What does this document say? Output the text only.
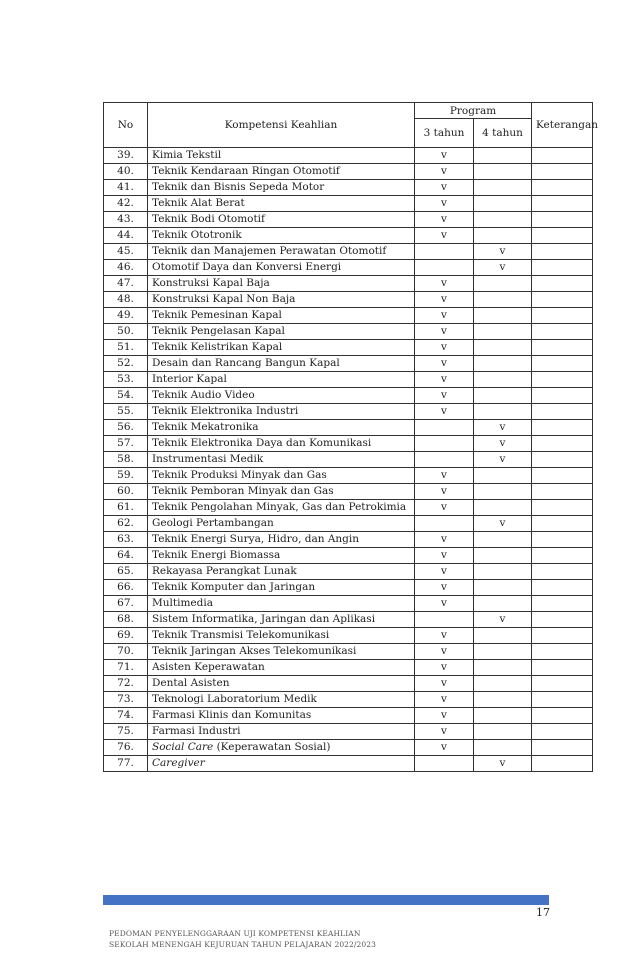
No	Kompetensi Keahlian	Program		Keterangan
		3 tahun	4 tahun	
39.	Kimia Tekstil	v		
40.	Teknik Kendaraan Ringan Otomotif	v		
41.	Teknik dan Bisnis Sepeda Motor	v		
42.	Teknik Alat Berat	v		
43.	Teknik Bodi Otomotif	v		
44.	Teknik Ototronik	v		
45.	Teknik dan Manajemen Perawatan Otomotif		v	
46.	Otomotif Daya dan Konversi Energi		v	
47.	Konstruksi Kapal Baja	v		
48.	Konstruksi Kapal Non Baja	v		
49.	Teknik Pemesinan Kapal	v		
50.	Teknik Pengelasan Kapal	v		
51.	Teknik Kelistrikan Kapal	v		
52.	Desain dan Rancang Bangun Kapal	v		
53.	Interior Kapal	v		
54.	Teknik Audio Video	v		
55.	Teknik Elektronika Industri	v		
56.	Teknik Mekatronika		v	
57.	Teknik Elektronika Daya dan Komunikasi		v	
58.	Instrumentasi Medik		v	
59.	Teknik Produksi Minyak dan Gas	v		
60.	Teknik Pemboran Minyak dan Gas	v		
61.	Teknik Pengolahan Minyak, Gas dan Petrokimia	v		
62.	Geologi Pertambangan		v	
63.	Teknik Energi Surya, Hidro, dan Angin	v		
64.	Teknik Energi Biomassa	v		
65.	Rekayasa Perangkat Lunak	v		
66.	Teknik Komputer dan Jaringan	v		
67.	Multimedia	v		
68.	Sistem Informatika, Jaringan dan Aplikasi		v	
69.	Teknik Transmisi Telekomunikasi	v		
70.	Teknik Jaringan Akses Telekomunikasi	v		
71.	Asisten Keperawatan	v		
72.	Dental Asisten	v		
73.	Teknologi Laboratorium Medik	v		
74.	Farmasi Klinis dan Komunitas	v		
75.	Farmasi Industri	v		
76.	Social Care (Keperawatan Sosial)	v		
77.	Caregiver		v	
17
PEDOMAN PENYELENGGARAAN UJI KOMPETENSI KEAHLIAN
SEKOLAH MENENGAH KEJURUAN TAHUN PELAJARAN 2022/2023
